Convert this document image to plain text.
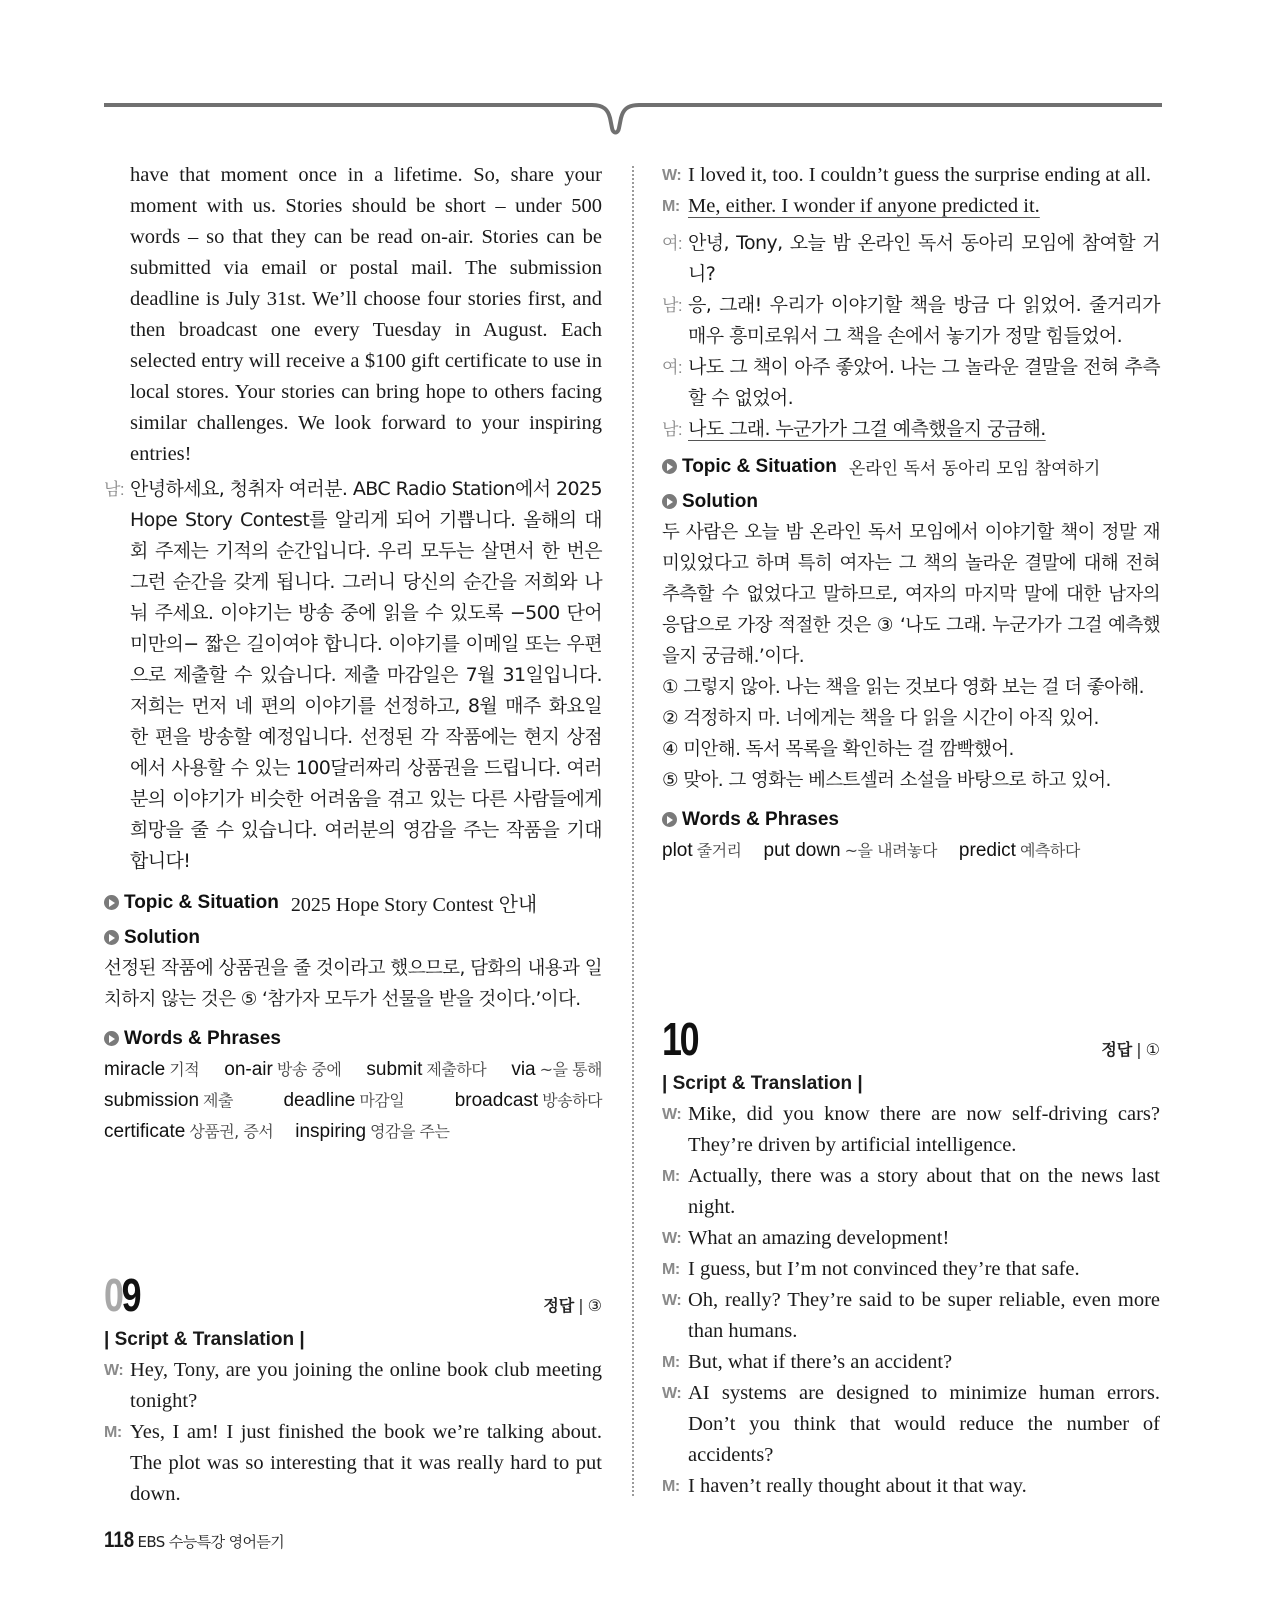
have that moment once in a lifetime. So, share your moment with us. Stories should be short – under 500 words – so that they can be read on-air. Stories can be submitted via email or postal mail. The submission deadline is July 31st. We’ll choose four stories first, and then broadcast one every Tuesday in August. Each selected entry will receive a $100 gift certificate to use in local stores. Your stories can bring hope to others facing similar challenges. We look forward to your inspiring entries!

남: 안녕하세요, 청취자 여러분. ABC Radio Station에서 2025 Hope Story Contest를 알리게 되어 기쁩니다. 올해의 대회 주제는 기적의 순간입니다. 우리 모두는 살면서 한 번은 그런 순간을 갖게 됩니다. 그러니 당신의 순간을 저희와 나눠 주세요. 이야기는 방송 중에 읽을 수 있도록 −500 단어 미만의− 짧은 길이여야 합니다. 이야기를 이메일 또는 우편으로 제출할 수 있습니다. 제출 마감일은 7월 31일입니다. 저희는 먼저 네 편의 이야기를 선정하고, 8월 매주 화요일 한 편을 방송할 예정입니다. 선정된 각 작품에는 현지 상점에서 사용할 수 있는 100달러짜리 상품권을 드립니다. 여러분의 이야기가 비슷한 어려움을 겪고 있는 다른 사람들에게 희망을 줄 수 있습니다. 여러분의 영감을 주는 작품을 기대합니다!
Topic & Situation 2025 Hope Story Contest 안내
Solution

선정된 작품에 상품권을 줄 것이라고 했으므로, 담화의 내용과 일치하지 않는 것은 ⑤ ‘참가자 모두가 선물을 받을 것이다.’이다.

Words & Phrases
miracle 기적 on-air 방송 중에 submit 제출하다 via ~을 통해
submission 제출	deadline 마감일	broadcast 방송하다
certificate 상품권, 증서 inspiring 영감을 주는
09	정답 | ③
| Script & Translation |
W: Hey, Tony, are you joining the online book club meeting tonight?
M: Yes, I am! I just finished the book we’re talking about. The plot was so interesting that it was really hard to put down.
W: I loved it, too. I couldn’t guess the surprise ending at all.
M: Me, either. I wonder if anyone predicted it.
여: 안녕, Tony, 오늘 밤 온라인 독서 동아리 모임에 참여할 거니?
남: 응, 그래! 우리가 이야기할 책을 방금 다 읽었어. 줄거리가 매우 흥미로워서 그 책을 손에서 놓기가 정말 힘들었어.
여: 나도 그 책이 아주 좋았어. 나는 그 놀라운 결말을 전혀 추측할 수 없었어.
남: 나도 그래. 누군가가 그걸 예측했을지 궁금해.
Topic & Situation 온라인 독서 동아리 모임 참여하기
Solution

두 사람은 오늘 밤 온라인 독서 모임에서 이야기할 책이 정말 재미있었다고 하며 특히 여자는 그 책의 놀라운 결말에 대해 전혀 추측할 수 없었다고 말하므로, 여자의 마지막 말에 대한 남자의 응답으로 가장 적절한 것은 ③ ‘나도 그래. 누군가가 그걸 예측했을지 궁금해.’이다.

① 그렇지 않아. 나는 책을 읽는 것보다 영화 보는 걸 더 좋아해.

② 걱정하지 마. 너에게는 책을 다 읽을 시간이 아직 있어.

④ 미안해. 독서 목록을 확인하는 걸 깜빡했어.

⑤ 맞아. 그 영화는 베스트셀러 소설을 바탕으로 하고 있어.

Words & Phrases
plot 줄거리 put down ~을 내려놓다 predict 예측하다
10	정답 | ①
| Script & Translation |
W: Mike, did you know there are now self-driving cars? They’re driven by artificial intelligence.
M: Actually, there was a story about that on the news last night.
W: What an amazing development!
M: I guess, but I’m not convinced they’re that safe.
W: Oh, really? They’re said to be super reliable, even more than humans.
M: But, what if there’s an accident?
W: AI systems are designed to minimize human errors. Don’t you think that would reduce the number of accidents?
M: I haven’t really thought about it that way.
118 EBS 수능특강 영어듣기
